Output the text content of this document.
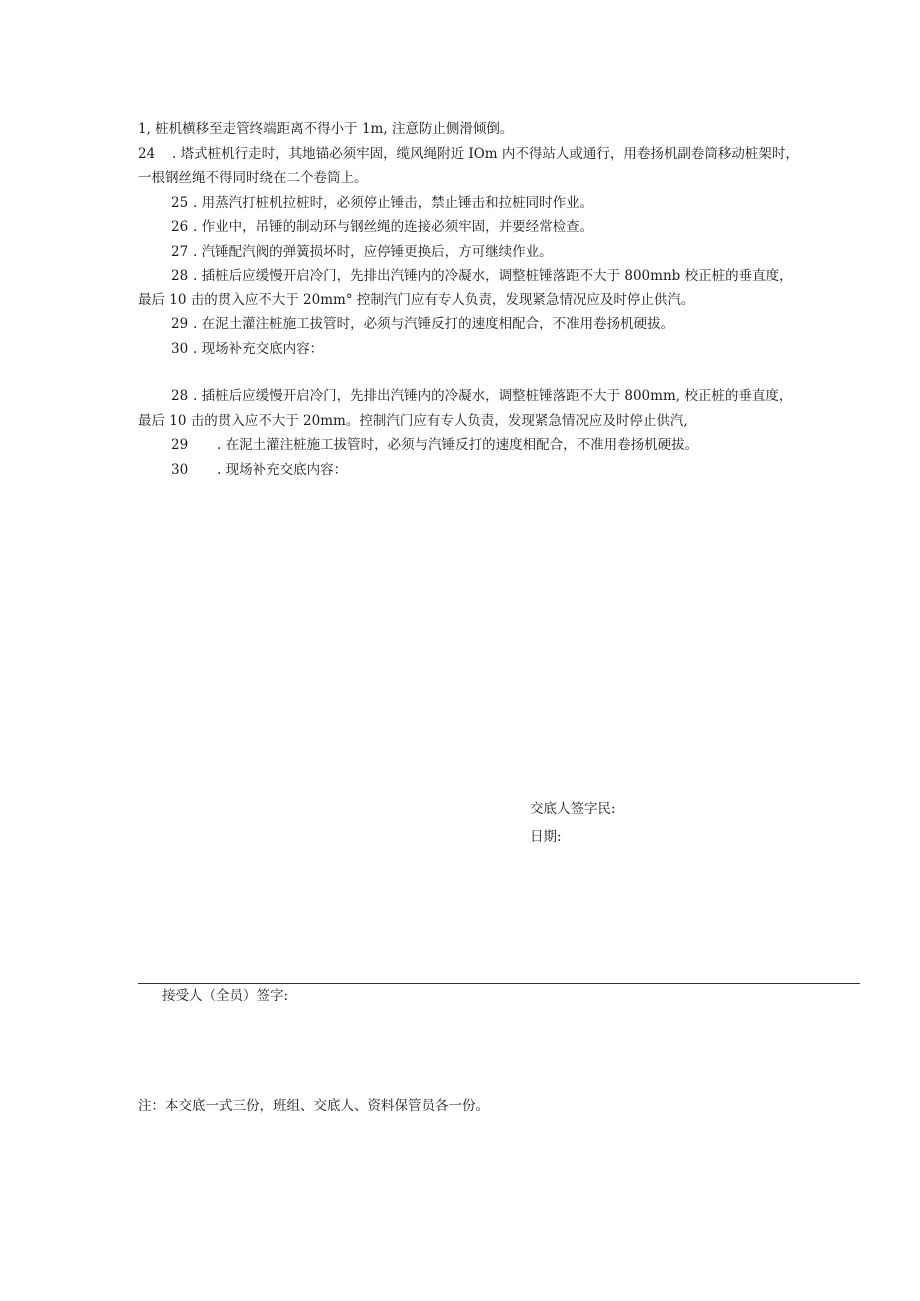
1, 桩机横移至走管终端距离不得小于 1m, 注意防止侧滑倾倒。
24 . 塔式桩机行走时，其地锚必须牢固，缆风绳附近 IOm 内不得站人或通行，用卷扬机副卷筒移动桩架时，
一根钢丝绳不得同时绕在二个卷筒上。
25 . 用蒸汽打桩机拉桩时，必须停止锤击，禁止锤击和拉桩同时作业。
26 . 作业中，吊锤的制动环与钢丝绳的连接必须牢固，并要经常检查。
27 . 汽锤配汽阀的弹簧损坏时，应停锤更换后，方可继续作业。
28 . 插桩后应缓慢开启冷门，先排出汽锤内的冷凝水，调整桩锤落距不大于 800mnb 校正桩的垂直度，
最后 10 击的贯入应不大于 20mm° 控制汽门应有专人负责，发现紧急情况应及时停止供汽。
29 . 在泥土灌注桩施工拔管时，必须与汽锤反打的速度相配合，不准用卷扬机硬拔。
30 . 现场补充交底内容：
28 . 插桩后应缓慢开启冷门，先排出汽锤内的冷凝水，调整桩锤落距不大于 800mm, 校正桩的垂直度，
最后 10 击的贯入应不大于 20mm。控制汽门应有专人负责，发现紧急情况应及时停止供汽,
29 . 在泥土灌注桩施工拔管时，必须与汽锤反打的速度相配合，不准用卷扬机硬拔。
30 . 现场补充交底内容：
交底人签字民:
日期:
接受人（全员）签字:
注：本交底一式三份，班组、交底人、资料保管员各一份。
